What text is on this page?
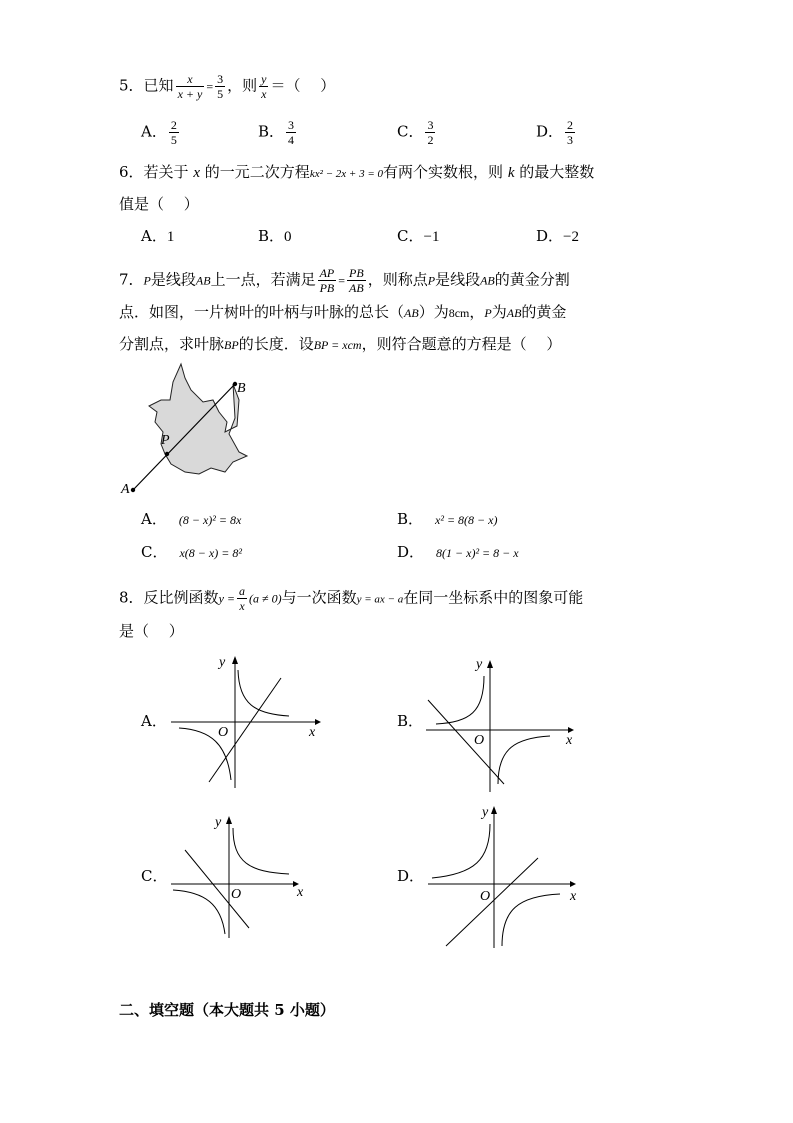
5．已知 $\frac{x}{x + y} = \frac{3}{5}$ ，则 $\frac{y}{x}$ ＝（　 ）
A． $\frac{2}{5}$	B． $\frac{3}{4}$	C． $\frac{3}{2}$	D． $\frac{2}{3}$
6．若关于 x 的一元二次方程kx² − 2x + 3 = 0有两个实数根，则 k 的最大整数
值是（　 ）
A．1	B．0	C．−1	D．−2
7．P是线段AB上一点，若满足 $\frac{AP}{PB} = \frac{PB}{AB}$ ，则称点P是线段AB的黄金分割
点．如图，一片树叶的叶柄与叶脉的总长（AB）为8cm，P为AB的黄金
分割点，求叶脉BP的长度．设BP = xcm，则符合题意的方程是（　 ）
A
B
P
A． (8 − x)² = 8x	B． x² = 8(8 − x)
C． x(8 − x) = 8²	D． 8(1 − x)² = 8 − x
8．反比例函数$y = \frac{a}{x} (a \ne 0)$与一次函数y = ax − a在同一坐标系中的图象可能
是（　 ）
A．
x
y
O
B．
x
y
O
C．
x
y
O
D．
x
y
O
二、填空题（本大题共 5 小题）
